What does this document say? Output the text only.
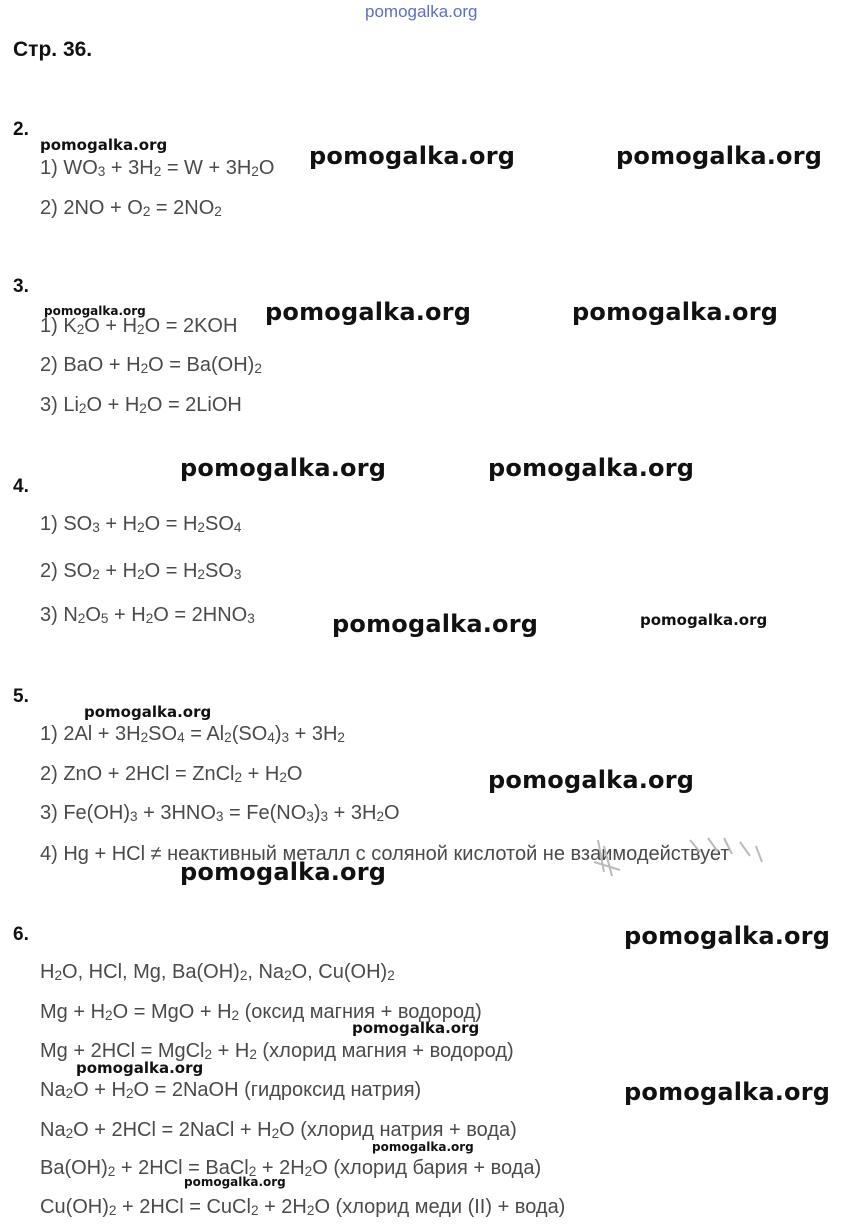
pomogalka.org
Стр. 36.
2.
1) $WO_3 + 3H_2 = W + 3H_2O$
2) $2NO + O_2 = 2NO_2$
3.
1) $K_2O + H_2O = 2KOH$
2) BaO + $H_2O = Ba(OH)_2$
3) $Li_2O + H_2O$ = 2LiOH
4.
1) $SO_3 + H_2O = H_2SO_4$
2) $SO_2 + H_2O = H_2SO_3$
3) $N_2O_5 + H_2O = 2HNO_3$
5.
1) $2Al + 3H_2SO_4 = Al_2(SO_4)_3 + 3H_2$
2) ZnO + 2HCl = ZnCl$_2$ + $H_2O$
3) $Fe(OH)_3 + 3HNO_3 = Fe(NO_3)_3 + 3H_2O$
4) Hg + HCl ≠ неактивный металл с соляной кислотой не взаимодействует
6.
$H_2O$, HCl, Mg, $Ba(OH)_2$, $Na_2O$, $Cu(OH)_2$
$Mg + H_2O$ = MgO + $H_2$ (оксид магния + водород)
Mg + 2HCl = MgCl$_2$ + $H_2$ (хлорид магния + водород)
$Na_2O + H_2O$ = 2NaOH (гидроксид натрия)
$Na_2O + 2HCl$ = 2NaCl + $H_2O$ (хлорид натрия + вода)
$Ba(OH)_2 + 2HCl$ = BaCl$_2$ + $2H_2O$ (хлорид бария + вода)
$Cu(OH)_2 + 2HCl$ = CuCl$_2$ + $2H_2O$ (хлорид меди (II) + вода)
pomogalka.org	pomogalka.org	pomogalka.org
pomogalka.org	pomogalka.org	pomogalka.org
pomogalka.org	pomogalka.org
pomogalka.org	pomogalka.org
pomogalka.org
pomogalka.org
pomogalka.org
pomogalka.org
pomogalka.org
pomogalka.org
pomogalka.org
pomogalka.org
pomogalka.org
